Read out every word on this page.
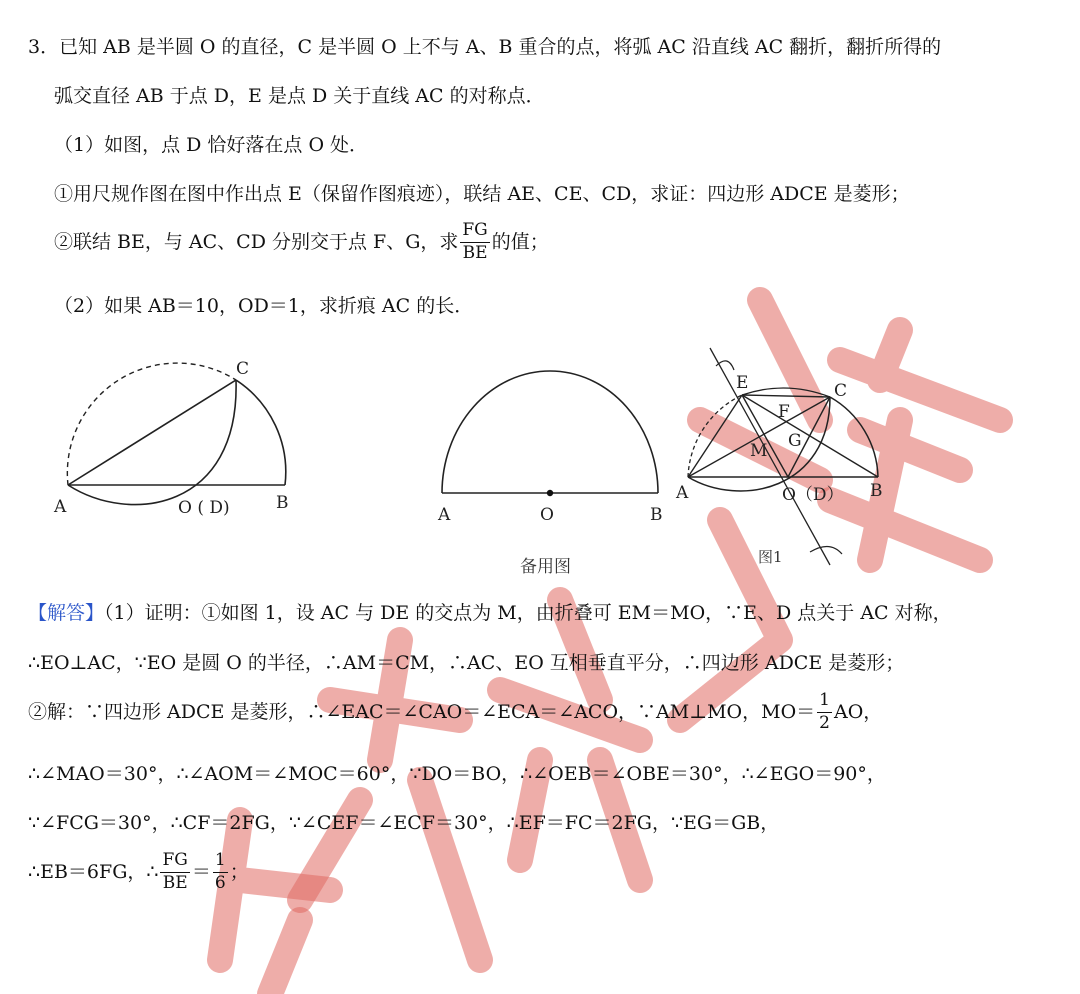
3．已知 AB 是半圆 O 的直径，C 是半圆 O 上不与 A、B 重合的点，将弧 AC 沿直线 AC 翻折，翻折所得的
弧交直径 AB 于点 D，E 是点 D 关于直线 AC 的对称点．
（1）如图，点 D 恰好落在点 O 处．
①用尺规作图在图中作出点 E（保留作图痕迹），联结 AE、CE、CD，求证：四边形 ADCE 是菱形；
②联结 BE，与 AC、CD 分别交于点 F、G，求 $\frac{FG}{BE}$ 的值；
（2）如果 AB＝10，OD＝1，求折痕 AC 的长．
C
A	O ( D)	B
A	O	B
备用图
E	C
F
G
M
A	O（D） B
图1
【解答】（1）证明：①如图 1，设 AC 与 DE 的交点为 M，由折叠可 EM＝MO，∵E、D 点关于 AC 对称，
∴EO⊥AC，∵EO 是圆 O 的半径，∴AM＝CM，∴AC、EO 互相垂直平分，∴四边形 ADCE 是菱形；
②解：∵四边形 ADCE 是菱形，∴∠EAC＝∠CAO＝∠ECA＝∠ACO，∵AM⊥MO，$MO= \frac{1}{2}$ AO，
∴∠MAO＝30°，∴∠AOM＝∠MOC＝60°，∵DO＝BO，∴∠OEB＝∠OBE＝30°，∴∠EGO＝90°，
∵∠FCG＝30°，∴CF＝2FG，∵∠CEF＝∠ECF＝30°，∴EF＝FC＝2FG，∵EG＝GB，
∴EB＝6FG，∴ $\frac{FG}{BE} = \frac{1}{6}$ ；
